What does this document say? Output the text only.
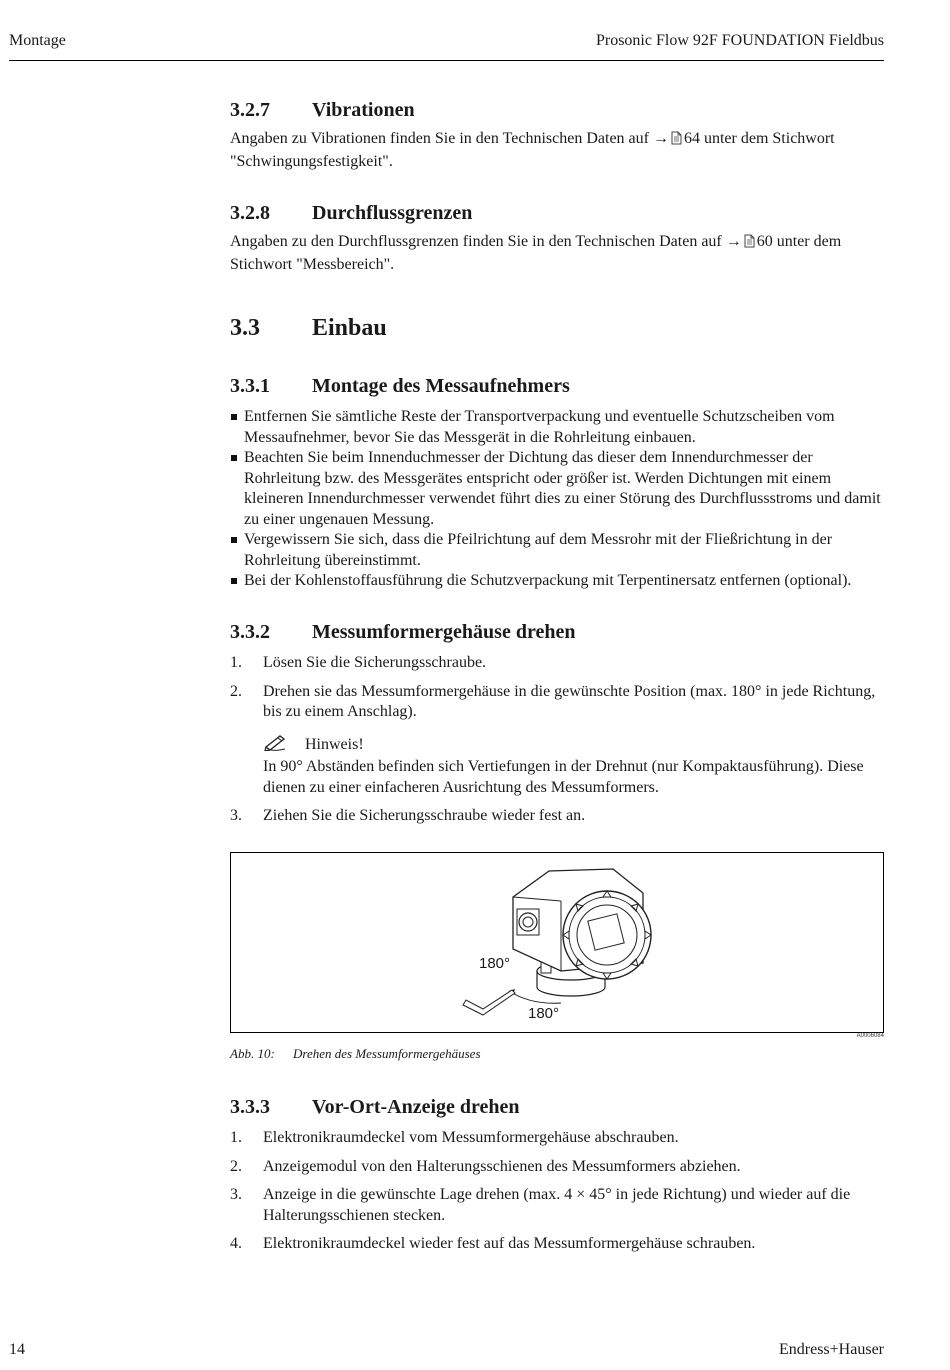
Montage	Prosonic Flow 92F FOUNDATION Fieldbus
3.2.7 Vibrationen

Angaben zu Vibrationen finden Sie in den Technischen Daten auf → 64 unter dem Stichwort "Schwingungsfestigkeit".

3.2.8 Durchflussgrenzen

Angaben zu den Durchflussgrenzen finden Sie in den Technischen Daten auf → 60 unter dem Stichwort "Messbereich".

3.3 Einbau
3.3.1 Montage des Messaufnehmers
Entfernen Sie sämtliche Reste der Transportverpackung und eventuelle Schutzscheiben vom Messaufnehmer, bevor Sie das Messgerät in die Rohrleitung einbauen.
Beachten Sie beim Innenduchmesser der Dichtung das dieser dem Innendurchmesser der Rohrleitung bzw. des Messgerätes entspricht oder größer ist. Werden Dichtungen mit einem kleineren Innendurchmesser verwendet führt dies zu einer Störung des Durchflussstroms und damit zu einer ungenauen Messung.
Vergewissern Sie sich, dass die Pfeilrichtung auf dem Messrohr mit der Fließrichtung in der Rohrleitung übereinstimmt.
Bei der Kohlenstoffausführung die Schutzverpackung mit Terpentinersatz entfernen (optional).
3.3.2 Messumformergehäuse drehen
1. Lösen Sie die Sicherungsschraube.
2. Drehen sie das Messumformergehäuse in die gewünschte Position (max. 180° in jede Richtung, bis zu einem Anschlag).
Hinweis!
In 90° Abständen befinden sich Vertiefungen in der Drehnut (nur Kompaktausführung). Diese dienen zu einer einfacheren Ausrichtung des Messumformers.
3. Ziehen Sie die Sicherungsschraube wieder fest an.
180°
180°
A0006084
Abb. 10: Drehen des Messumformergehäuses
3.3.3 Vor-Ort-Anzeige drehen
1. Elektronikraumdeckel vom Messumformergehäuse abschrauben.
2. Anzeigemodul von den Halterungsschienen des Messumformers abziehen.
3. Anzeige in die gewünschte Lage drehen (max. 4 × 45° in jede Richtung) und wieder auf die Halterungsschienen stecken.
4. Elektronikraumdeckel wieder fest auf das Messumformergehäuse schrauben.
14	Endress+Hauser
